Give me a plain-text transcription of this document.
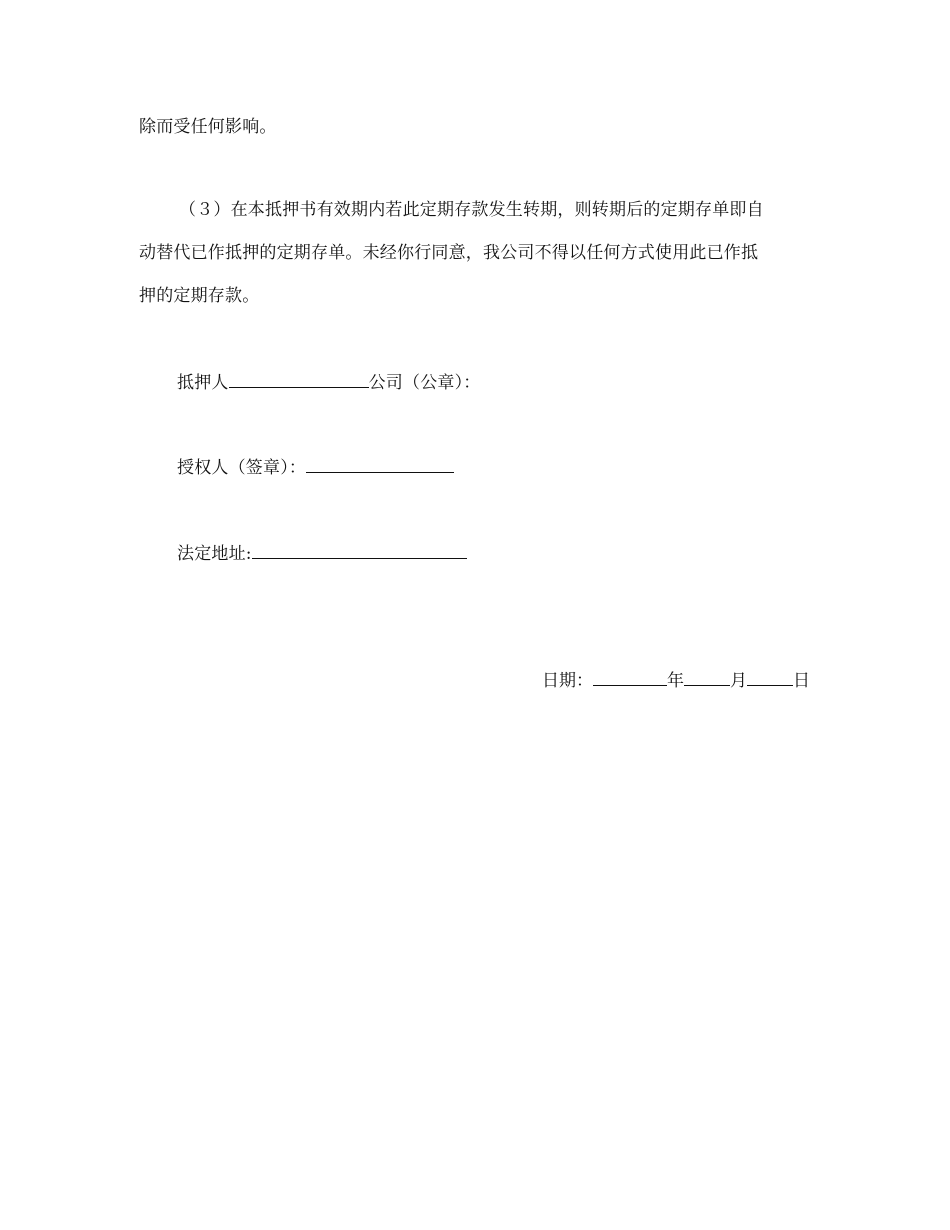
除而受任何影响。
（３）在本抵押书有效期内若此定期存款发生转期，则转期后的定期存单即自
动替代已作抵押的定期存单。未经你行同意，我公司不得以任何方式使用此已作抵
押的定期存款。
抵押人	公司（公章）：
授权人（签章）：
法定地址:
日期：	年	月	日
